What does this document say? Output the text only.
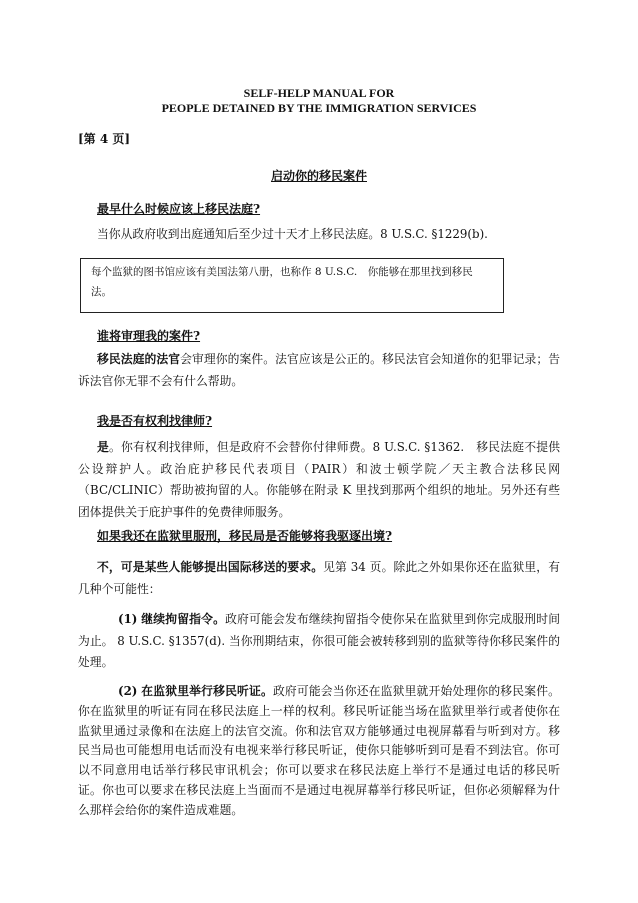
SELF-HELP MANUAL FOR
PEOPLE DETAINED BY THE IMMIGRATION SERVICES
[第 4 页]
启动你的移民案件
最早什么时候应该上移民法庭?
当你从政府收到出庭通知后至少过十天才上移民法庭。8 U.S.C. §1229(b).
每个监狱的图书馆应该有美国法第八册，也称作 8 U.S.C.　你能够在那里找到移民法。
谁将审理我的案件?
移民法庭的法官会审理你的案件。法官应该是公正的。移民法官会知道你的犯罪记录；告诉法官你无罪不会有什么帮助。
我是否有权利找律师?
是。你有权利找律师，但是政府不会替你付律师费。8 U.S.C. §1362.　移民法庭不提供公设辩护人。政治庇护移民代表项目（PAIR）和波士顿学院／天主教合法移民网（BC/CLINIC）帮助被拘留的人。你能够在附录 K 里找到那两个组织的地址。另外还有些团体提供关于庇护事件的免费律师服务。
如果我还在监狱里服刑，移民局是否能够将我驱逐出境?
不，可是某些人能够提出国际移送的要求。见第 34 页。除此之外如果你还在监狱里，有几种个可能性：
(1) 继续拘留指令。政府可能会发布继续拘留指令使你呆在监狱里到你完成服刑时间为止。 8 U.S.C. §1357(d). 当你刑期结束，你很可能会被转移到别的监狱等待你移民案件的处理。
(2) 在监狱里举行移民听证。政府可能会当你还在监狱里就开始处理你的移民案件。你在监狱里的听证有同在移民法庭上一样的权利。移民听证能当场在监狱里举行或者使你在监狱里通过录像和在法庭上的法官交流。你和法官双方能够通过电视屏幕看与听到对方。移民当局也可能想用电话而没有电视来举行移民听证，使你只能够听到可是看不到法官。你可以不同意用电话举行移民审讯机会；你可以要求在移民法庭上举行不是通过电话的移民听证。你也可以要求在移民法庭上当面而不是通过电视屏幕举行移民听证，但你必须解释为什么那样会给你的案件造成难题。
